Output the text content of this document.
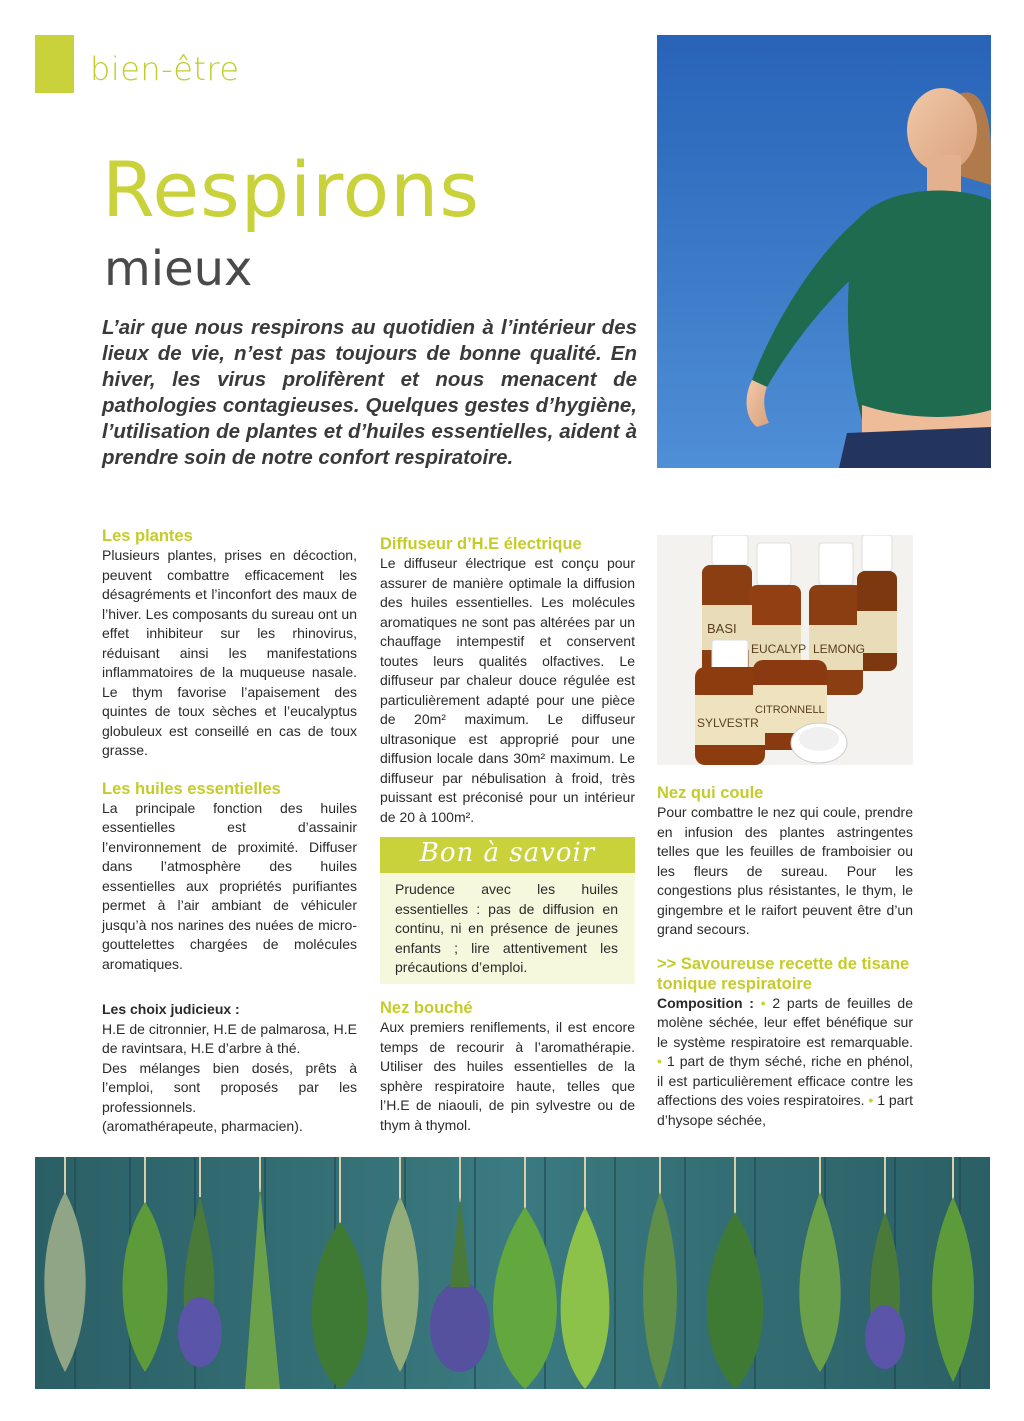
bien-être
Respirons
mieux
L’air que nous respirons au quotidien à l’intérieur des lieux de vie, n’est pas toujours de bonne qualité. En hiver, les virus prolifèrent et nous menacent de pathologies contagieuses. Quelques gestes d’hygiène, l’utilisation de plantes et d’huiles essentielles, aident à prendre soin de notre confort respiratoire.
Les plantes

Plusieurs plantes, prises en décoction, peuvent combattre efficacement les désagréments et l’inconfort des maux de l’hiver. Les composants du sureau ont un effet inhibiteur sur les rhinovirus, réduisant ainsi les manifestations inflammatoires de la muqueuse nasale. Le thym favorise l’apaisement des quintes de toux sèches et l’eucalyptus globuleux est conseillé en cas de toux grasse.

Les huiles essentielles

La principale fonction des huiles essentielles est d’assainir l’environnement de proximité. Diffuser dans l’atmosphère des huiles essentielles aux propriétés purifiantes permet à l’air ambiant de véhiculer jusqu’à nos narines des nuées de micro-gouttelettes chargées de molécules aromatiques.

Les choix judicieux :

H.E de citronnier, H.E de palmarosa, H.E de ravintsara, H.E d’arbre à thé.

Des mélanges bien dosés, prêts à l’emploi, sont proposés par les professionnels.

(aromathérapeute, pharmacien).

Diffuseur d’H.E électrique

Le diffuseur électrique est conçu pour assurer de manière optimale la diffusion des huiles essentielles. Les molécules aromatiques ne sont pas altérées par un chauffage intempestif et conservent toutes leurs qualités olfactives. Le diffuseur par chaleur douce régulée est particulièrement adapté pour une pièce de 20m² maximum. Le diffuseur ultrasonique est approprié pour une diffusion locale dans 30m² maximum. Le diffuseur par nébulisation à froid, très puissant est préconisé pour un intérieur de 20 à 100m².

Bon à savoir
Prudence avec les huiles essentielles : pas de diffusion en continu, ni en présence de jeunes enfants ; lire attentivement les précautions d’emploi.
Nez bouché

Aux premiers reniflements, il est encore temps de recourir à l’aromathérapie. Utiliser des huiles essentielles de la sphère respiratoire haute, telles que l’H.E de niaouli, de pin sylvestre ou de thym à thymol.

BASI
EUCALYP LEMONG
SYLVESTR
CITRONNELL
Nez qui coule

Pour combattre le nez qui coule, prendre en infusion des plantes astringentes telles que les feuilles de framboisier ou les fleurs de sureau. Pour les congestions plus résistantes, le thym, le gingembre et le raifort peuvent être d’un grand secours.

>> Savoureuse recette de tisane tonique respiratoire

Composition : • 2 parts de feuilles de molène séchée, leur effet bénéfique sur le système respiratoire est remarquable. • 1 part de thym séché, riche en phénol, il est particulièrement efficace contre les affections des voies respiratoires. • 1 part d’hysope séchée,
